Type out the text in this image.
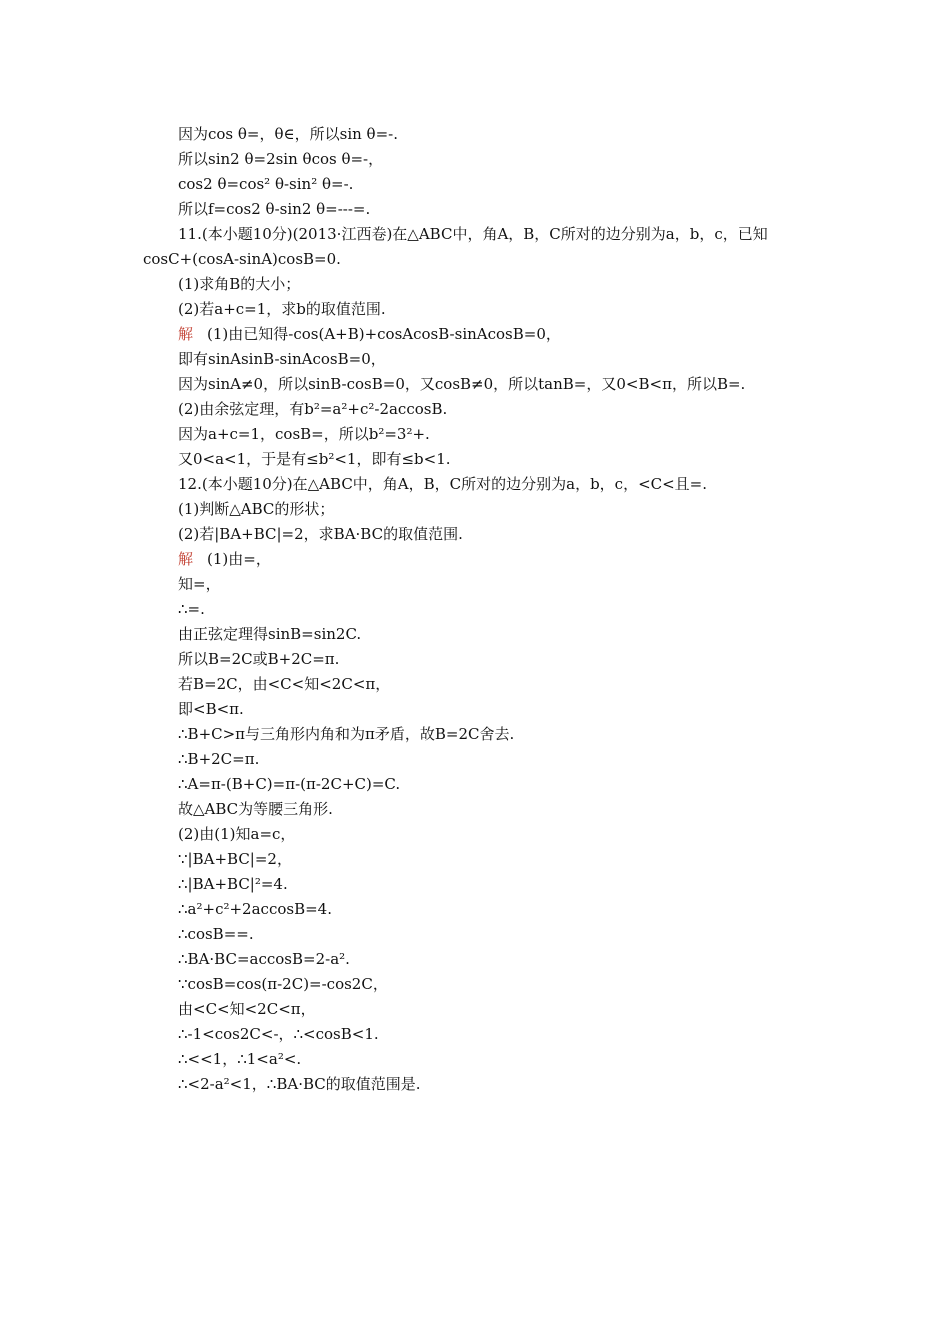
因为cos θ=，θ∈，所以sin θ=-.
所以sin2 θ=2sin θcos θ=-，
cos2 θ=cos² θ-sin² θ=-.
所以f=cos2 θ-sin2 θ=---=.
11.(本小题10分)(2013·江西卷)在△ABC中，角A，B，C所对的边分别为a，b，c，已知
cosC+(cosA-sinA)cosB=0.
(1)求角B的大小；
(2)若a+c=1，求b的取值范围.
解 (1)由已知得-cos(A+B)+cosAcosB-sinAcosB=0，
即有sinAsinB-sinAcosB=0，
因为sinA≠0，所以sinB-cosB=0，又cosB≠0，所以tanB=，又0<B<π，所以B=.
(2)由余弦定理，有b²=a²+c²-2accosB.
因为a+c=1，cosB=，所以b²=3²+.
又0<a<1，于是有≤b²<1，即有≤b<1.
12.(本小题10分)在△ABC中，角A，B，C所对的边分别为a，b，c，<C<且=.
(1)判断△ABC的形状；
(2)若|BA+BC|=2，求BA·BC的取值范围.
解 (1)由=，
知=，
∴=.
由正弦定理得sinB=sin2C.
所以B=2C或B+2C=π.
若B=2C，由<C<知<2C<π，
即<B<π.
∴B+C>π与三角形内角和为π矛盾，故B=2C舍去.
∴B+2C=π.
∴A=π-(B+C)=π-(π-2C+C)=C.
故△ABC为等腰三角形.
(2)由(1)知a=c，
∵|BA+BC|=2，
∴|BA+BC|²=4.
∴a²+c²+2accosB=4.
∴cosB==.
∴BA·BC=accosB=2-a².
∵cosB=cos(π-2C)=-cos2C，
由<C<知<2C<π，
∴-1<cos2C<-，∴<cosB<1.
∴<<1，∴1<a²<.
∴<2-a²<1，∴BA·BC的取值范围是.
